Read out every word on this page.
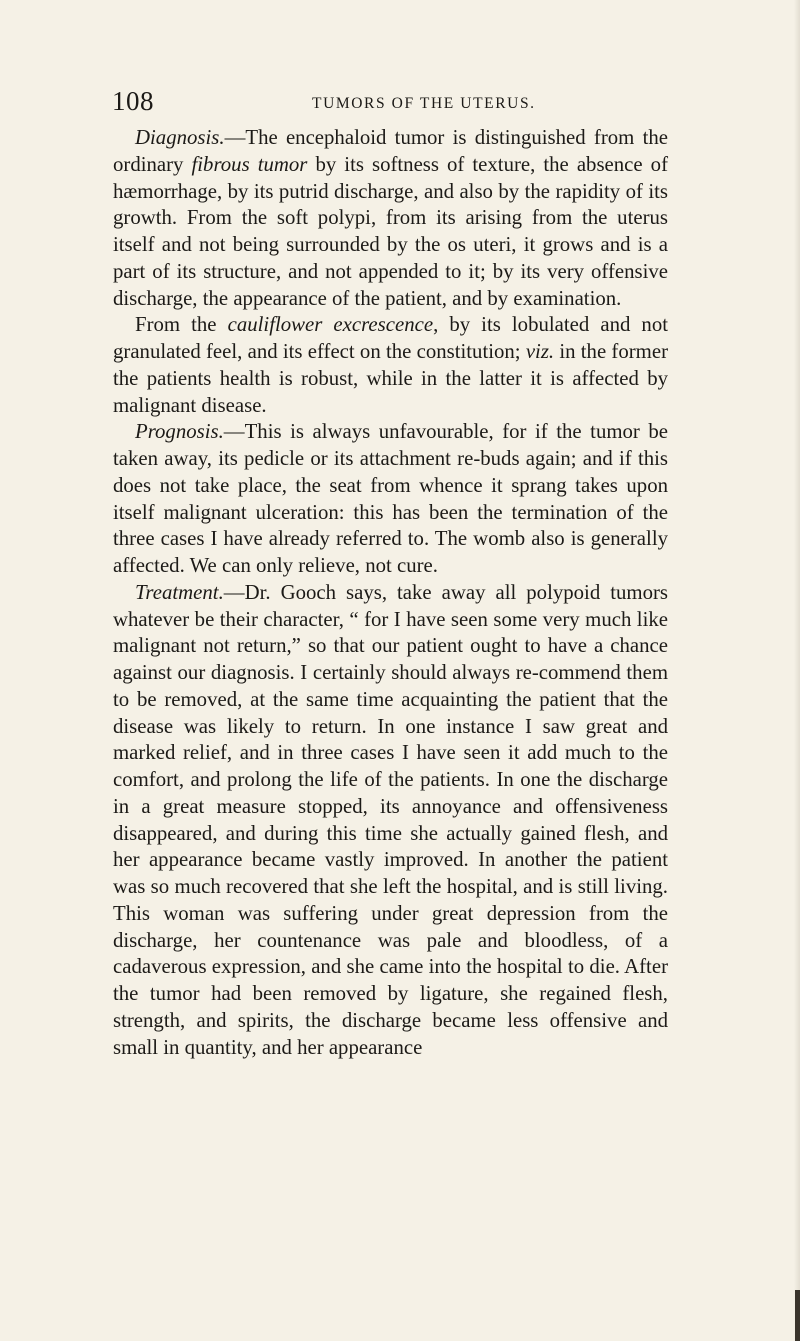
108	TUMORS OF THE UTERUS.

Diagnosis.—The encephaloid tumor is distinguished from the ordinary fibrous tumor by its softness of texture, the absence of hæmorrhage, by its putrid discharge, and also by the rapidity of its growth. From the soft polypi, from its arising from the uterus itself and not being surrounded by the os uteri, it grows and is a part of its structure, and not appended to it; by its very offensive discharge, the appearance of the patient, and by examination.

From the cauliflower excrescence, by its lobulated and not granulated feel, and its effect on the constitution; viz. in the former the patients health is robust, while in the latter it is affected by malignant disease.

Prognosis.—This is always unfavourable, for if the tumor be taken away, its pedicle or its attachment re-buds again; and if this does not take place, the seat from whence it sprang takes upon itself malignant ulceration: this has been the termination of the three cases I have already referred to. The womb also is generally affected. We can only relieve, not cure.

Treatment.—Dr. Gooch says, take away all polypoid tumors whatever be their character, “ for I have seen some very much like malignant not return,” so that our patient ought to have a chance against our diagnosis. I certainly should always re-commend them to be removed, at the same time acquainting the patient that the disease was likely to return. In one instance I saw great and marked relief, and in three cases I have seen it add much to the comfort, and prolong the life of the patients. In one the discharge in a great measure stopped, its annoyance and offensiveness disappeared, and during this time she actually gained flesh, and her appearance became vastly improved. In another the patient was so much recovered that she left the hospital, and is still living. This woman was suffering under great depression from the discharge, her countenance was pale and bloodless, of a cadaverous expression, and she came into the hospital to die. After the tumor had been removed by ligature, she regained flesh, strength, and spirits, the discharge became less offensive and small in quantity, and her appearance
